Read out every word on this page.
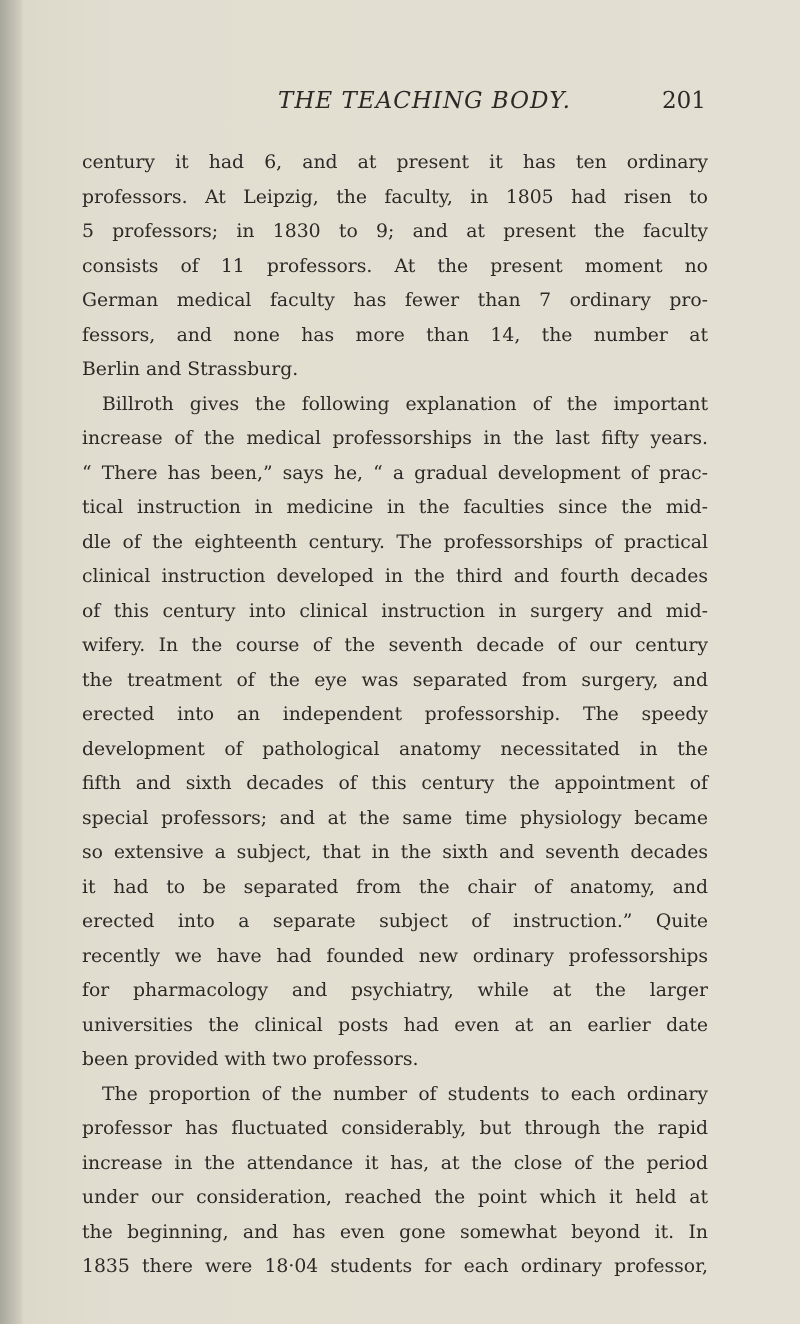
THE TEACHING BODY.	201
century it had 6, and at present it has ten ordinary
professors. At Leipzig, the faculty, in 1805 had risen to
5 professors; in 1830 to 9; and at present the faculty
consists of 11 professors. At the present moment no
German medical faculty has fewer than 7 ordinary pro-
fessors, and none has more than 14, the number at
Berlin and Strassburg.
Billroth gives the following explanation of the important
increase of the medical professorships in the last fifty years.
“ There has been,” says he, “ a gradual development of prac-
tical instruction in medicine in the faculties since the mid-
dle of the eighteenth century. The professorships of practical
clinical instruction developed in the third and fourth decades
of this century into clinical instruction in surgery and mid-
wifery. In the course of the seventh decade of our century
the treatment of the eye was separated from surgery, and
erected into an independent professorship. The speedy
development of pathological anatomy necessitated in the
fifth and sixth decades of this century the appointment of
special professors; and at the same time physiology became
so extensive a subject, that in the sixth and seventh decades
it had to be separated from the chair of anatomy, and
erected into a separate subject of instruction.” Quite
recently we have had founded new ordinary professorships
for pharmacology and psychiatry, while at the larger
universities the clinical posts had even at an earlier date
been provided with two professors.
The proportion of the number of students to each ordinary
professor has fluctuated considerably, but through the rapid
increase in the attendance it has, at the close of the period
under our consideration, reached the point which it held at
the beginning, and has even gone somewhat beyond it. In
1835 there were 18·04 students for each ordinary professor,
